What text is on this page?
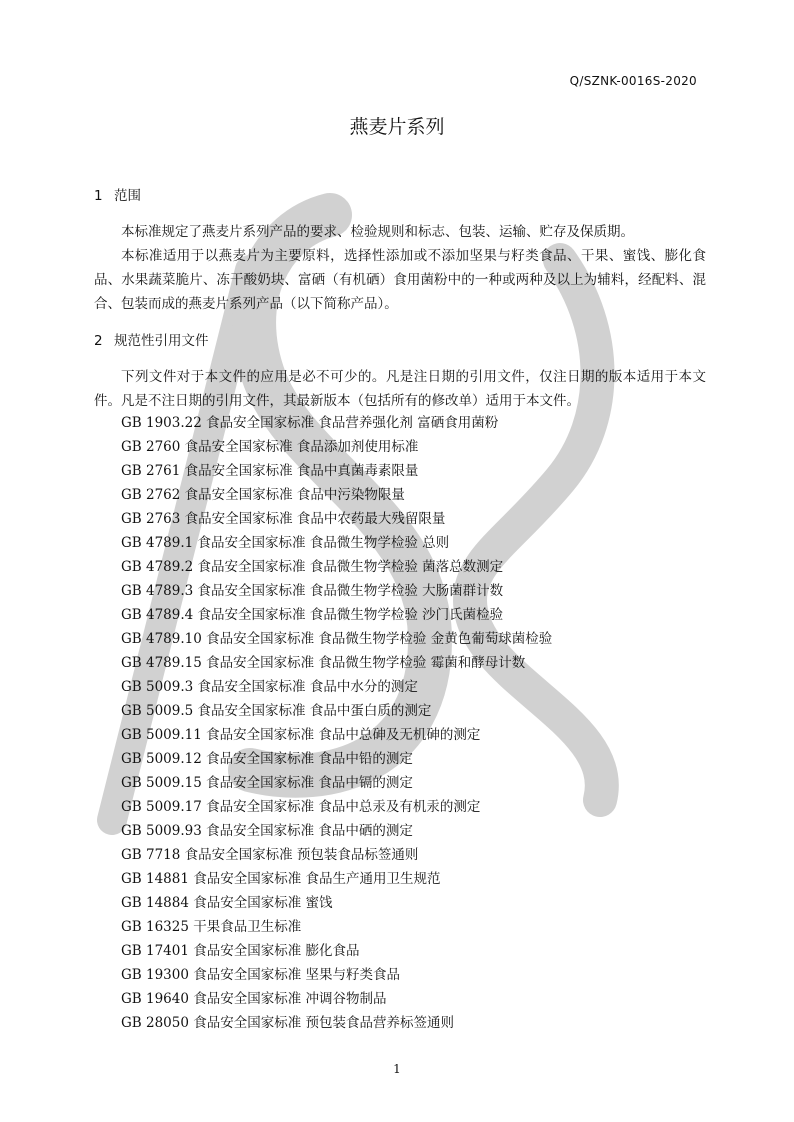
Q/SZNK-0016S-2020
燕麦片系列
1 范围
本标准规定了燕麦片系列产品的要求、检验规则和标志、包装、运输、贮存及保质期。
本标准适用于以燕麦片为主要原料，选择性添加或不添加坚果与籽类食品、干果、蜜饯、膨化食品、水果蔬菜脆片、冻干酸奶块、富硒（有机硒）食用菌粉中的一种或两种及以上为辅料，经配料、混合、包装而成的燕麦片系列产品（以下简称产品）。
2 规范性引用文件
下列文件对于本文件的应用是必不可少的。凡是注日期的引用文件，仅注日期的版本适用于本文件。凡是不注日期的引用文件，其最新版本（包括所有的修改单）适用于本文件。
GB 1903.22 食品安全国家标准 食品营养强化剂 富硒食用菌粉
GB 2760 食品安全国家标准 食品添加剂使用标准
GB 2761 食品安全国家标准 食品中真菌毒素限量
GB 2762 食品安全国家标准 食品中污染物限量
GB 2763 食品安全国家标准 食品中农药最大残留限量
GB 4789.1 食品安全国家标准 食品微生物学检验 总则
GB 4789.2 食品安全国家标准 食品微生物学检验 菌落总数测定
GB 4789.3 食品安全国家标准 食品微生物学检验 大肠菌群计数
GB 4789.4 食品安全国家标准 食品微生物学检验 沙门氏菌检验
GB 4789.10 食品安全国家标准 食品微生物学检验 金黄色葡萄球菌检验
GB 4789.15 食品安全国家标准 食品微生物学检验 霉菌和酵母计数
GB 5009.3 食品安全国家标准 食品中水分的测定
GB 5009.5 食品安全国家标准 食品中蛋白质的测定
GB 5009.11 食品安全国家标准 食品中总砷及无机砷的测定
GB 5009.12 食品安全国家标准 食品中铅的测定
GB 5009.15 食品安全国家标准 食品中镉的测定
GB 5009.17 食品安全国家标准 食品中总汞及有机汞的测定
GB 5009.93 食品安全国家标准 食品中硒的测定
GB 7718 食品安全国家标准 预包装食品标签通则
GB 14881 食品安全国家标准 食品生产通用卫生规范
GB 14884 食品安全国家标准 蜜饯
GB 16325 干果食品卫生标准
GB 17401 食品安全国家标准 膨化食品
GB 19300 食品安全国家标准 坚果与籽类食品
GB 19640 食品安全国家标准 冲调谷物制品
GB 28050 食品安全国家标准 预包装食品营养标签通则
1
